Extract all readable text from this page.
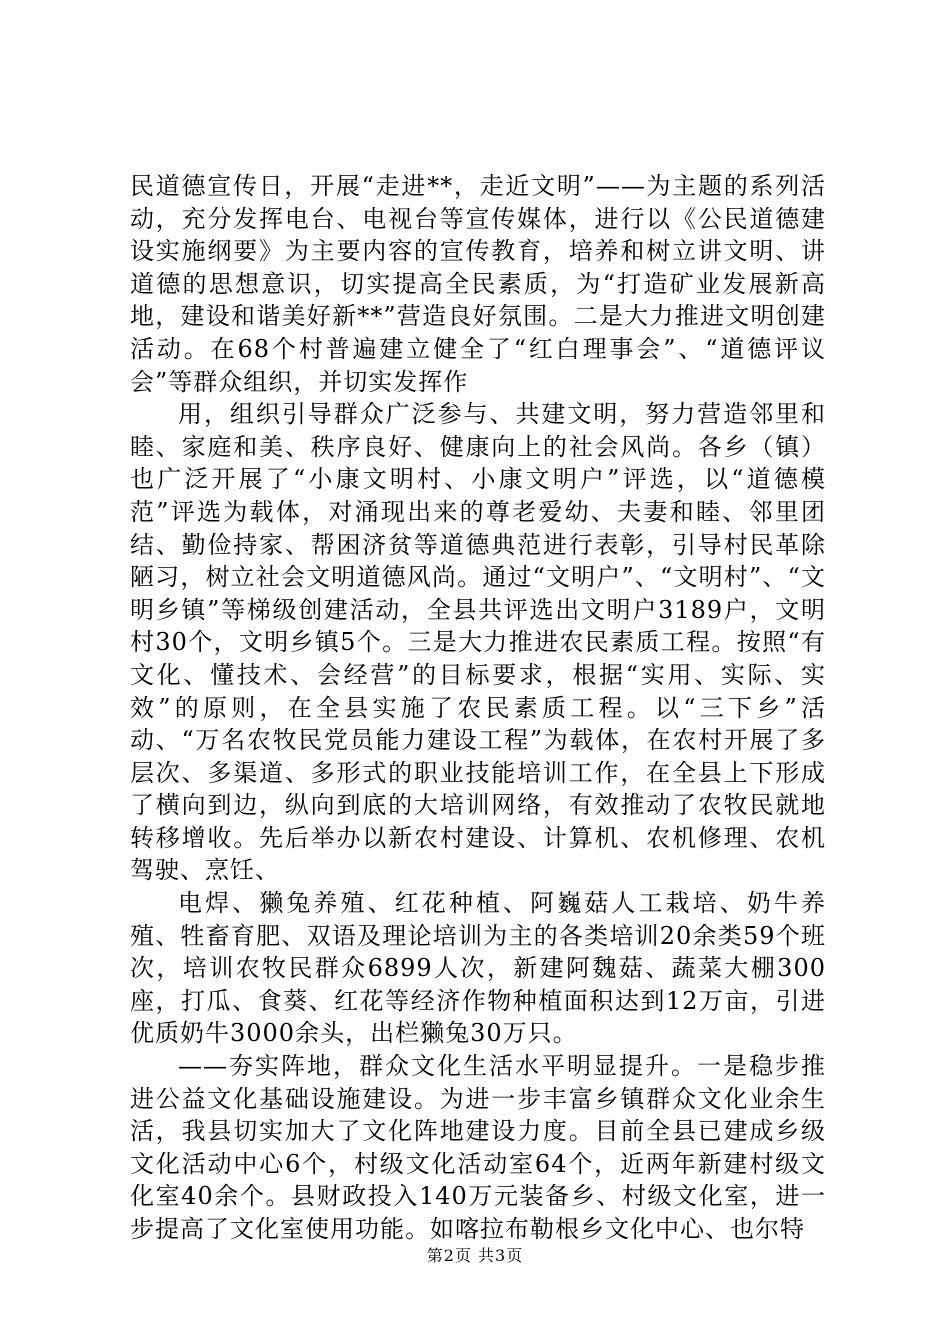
民道德宣传日，开展“走进**，走近文明”——为主题的系列活动，充分发挥电台、电视台等宣传媒体，进行以《公民道德建设实施纲要》为主要内容的宣传教育，培养和树立讲文明、讲道德的思想意识，切实提高全民素质，为“打造矿业发展新高地，建设和谐美好新**”营造良好氛围。二是大力推进文明创建活动。在68个村普遍建立健全了“红白理事会”、“道德评议会”等群众组织，并切实发挥作

用，组织引导群众广泛参与、共建文明，努力营造邻里和睦、家庭和美、秩序良好、健康向上的社会风尚。各乡（镇）也广泛开展了“小康文明村、小康文明户”评选，以“道德模范”评选为载体，对涌现出来的尊老爱幼、夫妻和睦、邻里团结、勤俭持家、帮困济贫等道德典范进行表彰，引导村民革除陋习，树立社会文明道德风尚。通过“文明户”、“文明村”、“文明乡镇”等梯级创建活动，全县共评选出文明户3189户，文明村30个，文明乡镇5个。三是大力推进农民素质工程。按照“有文化、懂技术、会经营”的目标要求，根据“实用、实际、实效”的原则，在全县实施了农民素质工程。以“三下乡”活动、“万名农牧民党员能力建设工程”为载体，在农村开展了多层次、多渠道、多形式的职业技能培训工作，在全县上下形成了横向到边，纵向到底的大培训网络，有效推动了农牧民就地转移增收。先后举办以新农村建设、计算机、农机修理、农机驾驶、烹饪、

电焊、獭兔养殖、红花种植、阿巍菇人工栽培、奶牛养殖、牲畜育肥、双语及理论培训为主的各类培训20余类59个班次，培训农牧民群众6899人次，新建阿魏菇、蔬菜大棚300座，打瓜、食葵、红花等经济作物种植面积达到12万亩，引进优质奶牛3000余头，出栏獭兔30万只。

——夯实阵地，群众文化生活水平明显提升。一是稳步推进公益文化基础设施建设。为进一步丰富乡镇群众文化业余生活，我县切实加大了文化阵地建设力度。目前全县已建成乡级文化活动中心6个，村级文化活动室64个，近两年新建村级文化室40余个。县财政投入140万元装备乡、村级文化室，进一步提高了文化室使用功能。如喀拉布勒根乡文化中心、也尔特

第2页 共3页
